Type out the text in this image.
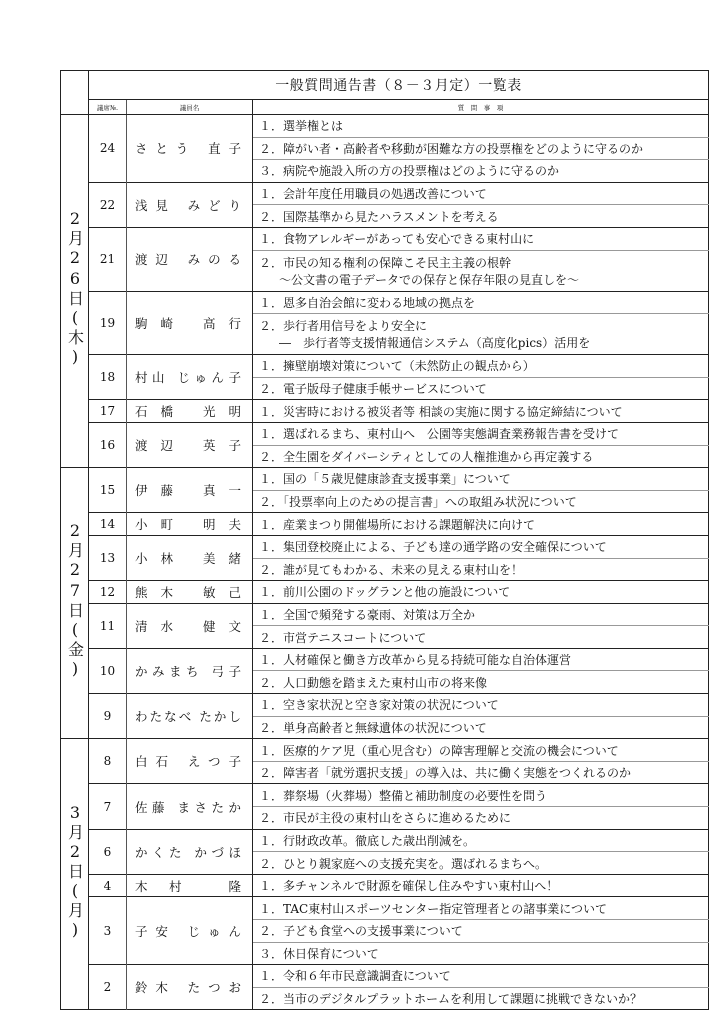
	一般質問通告書（８－３月定）一覧表		
	議席№.	議員名	質　問　事　項
2月26日(木)	24	さとう 直子	１．選挙権とは

			２．障がい者・高齢者や移動が困難な方の投票権をどのように守るのか

			３．病院や施設入所の方の投票権はどのように守るのか

	22	浅見 みどり	１．会計年度任用職員の処遇改善について

			２．国際基準から見たハラスメントを考える

	21	渡辺 みのる	１．食物アレルギーがあっても安心できる東村山に

			２．市民の知る権利の保障こそ民主主義の根幹
～公文書の電子データでの保存と保存年限の見直しを～

	19	駒崎 高行	１．恩多自治会館に変わる地域の拠点を

			２．歩行者用信号をより安全に
―　歩行者等支援情報通信システム（高度化pics）活用を

	18	村山 じゅん子	１．擁壁崩壊対策について（未然防止の観点から）

			２．電子版母子健康手帳サービスについて

	17	石橋 光明	１．災害時における被災者等 相談の実施に関する協定締結について

	16	渡辺 英子	１．選ばれるまち、東村山へ　公園等実態調査業務報告書を受けて

			２．全生園をダイバーシティとしての人権推進から再定義する

2月27日(金)	15	伊藤 真一	１．国の「５歳児健康診査支援事業」について

			２．「投票率向上のための提言書」への取組み状況について

	14	小町 明夫	１．産業まつり開催場所における課題解決に向けて

	13	小林 美緒	１．集団登校廃止による、子ども達の通学路の安全確保について

			２．誰が見てもわかる、未来の見える東村山を！

	12	熊木 敏己	１．前川公園のドッグランと他の施設について

	11	清水 健文	１．全国で頻発する豪雨、対策は万全か

			２．市営テニスコートについて

	10	かみまち 弓子	１．人材確保と働き方改革から見る持続可能な自治体運営

			２．人口動態を踏まえた東村山市の将来像

	9	わたなべ たかし	１．空き家状況と空き家対策の状況について

			２．単身高齢者と無縁遺体の状況について

3月2日(月)	8	白石 えつ子	１．医療的ケア児（重心児含む）の障害理解と交流の機会について

			２．障害者「就労選択支援」の導入は、共に働く実態をつくれるのか

	7	佐藤 まさたか	１．葬祭場（火葬場）整備と補助制度の必要性を問う

			２．市民が主役の東村山をさらに進めるために

	6	かくた かづほ	１．行財政改革。徹底した歳出削減を。

			２．ひとり親家庭への支援充実を。選ばれるまちへ。

	4	木村 隆	１．多チャンネルで財源を確保し住みやすい東村山へ！

	3	子安 じゅん	１．TAC東村山スポーツセンター指定管理者との諸事業について

			２．子ども食堂への支援事業について

			３．休日保育について

	2	鈴木 たつお	１．令和６年市民意識調査について

			２．当市のデジタルプラットホームを利用して課題に挑戦できないか？
